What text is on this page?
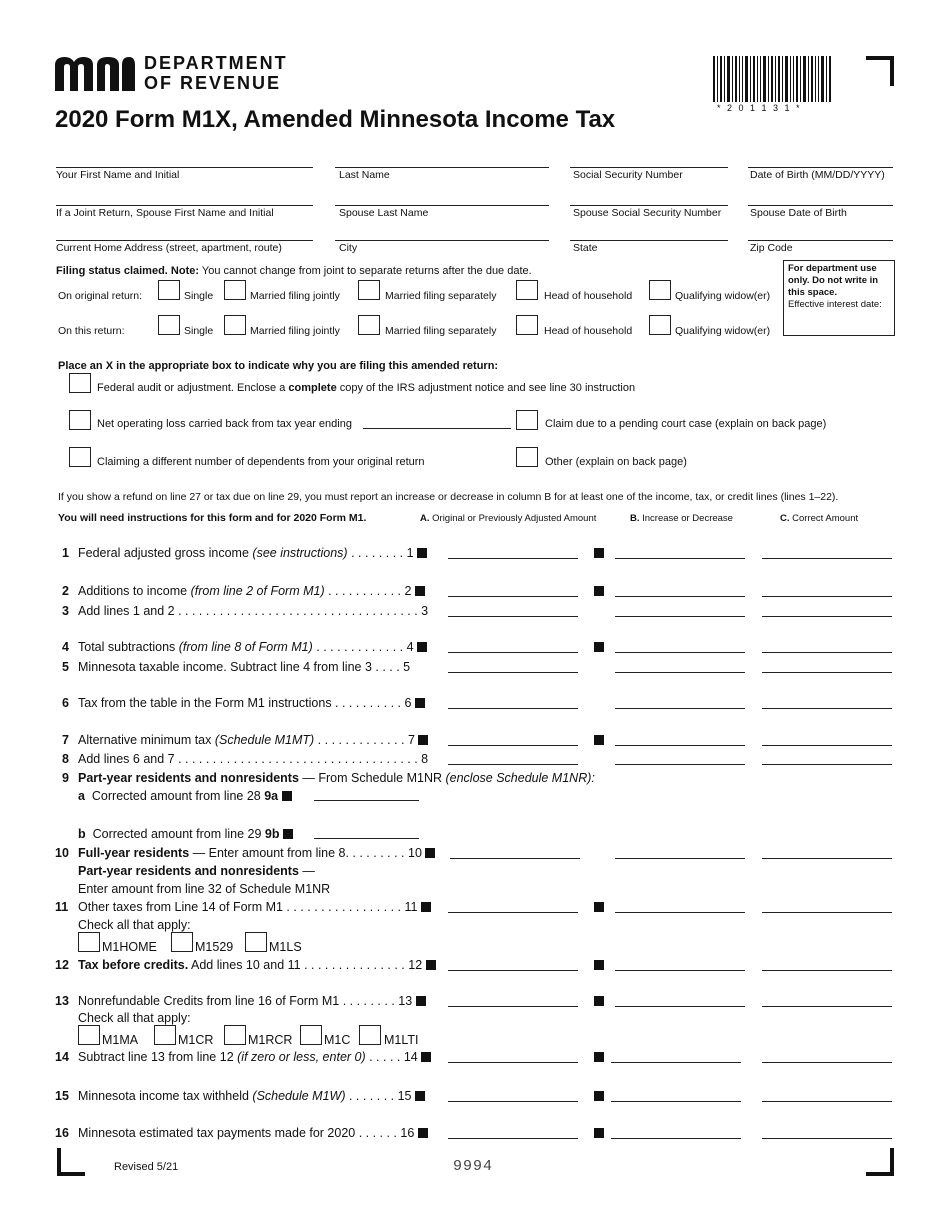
DEPARTMENT
OF REVENUE
* 2 0 1 1 3 1 *
2020 Form M1X, Amended Minnesota Income Tax
Your First Name and Initial	Last Name	Social Security Number	Date of Birth (MM/DD/YYYY)
If a Joint Return, Spouse First Name and Initial	Spouse Last Name	Spouse Social Security Number	Spouse Date of Birth
Current Home Address (street, apartment, route)	City	State	Zip Code
Filing status claimed. Note: You cannot change from joint to separate returns after the due date.
On original return:	Single	Married filing jointly	Married filing separately	Head of household	Qualifying widow(er)
On this return:	Single	Married filing jointly	Married filing separately	Head of household	Qualifying widow(er)
For department use only. Do not write in this space.
Effective interest date:
Place an X in the appropriate box to indicate why you are filing this amended return:
Federal audit or adjustment. Enclose a complete copy of the IRS adjustment notice and see line 30 instruction
Net operating loss carried back from tax year ending	Claim due to a pending court case (explain on back page)
Claiming a different number of dependents from your original return	Other (explain on back page)
If you show a refund on line 27 or tax due on line 29, you must report an increase or decrease in column B for at least one of the income, tax, or credit lines (lines 1–22).
You will need instructions for this form and for 2020 Form M1.	A. Original or Previously Adjusted Amount	B. Increase or Decrease	C. Correct Amount
1 Federal adjusted gross income (see instructions) . . . . . . . . 1
2 Additions to income (from line 2 of Form M1) . . . . . . . . . . . 2
3 Add lines 1 and 2 . . . . . . . . . . . . . . . . . . . . . . . . . . . . . . . . . . . 3
4 Total subtractions (from line 8 of Form M1) . . . . . . . . . . . . . 4
5 Minnesota taxable income. Subtract line 4 from line 3 . . . . 5
6 Tax from the table in the Form M1 instructions . . . . . . . . . . 6
7 Alternative minimum tax (Schedule M1MT) . . . . . . . . . . . . . 7
8 Add lines 6 and 7 . . . . . . . . . . . . . . . . . . . . . . . . . . . . . . . . . . . 8
9 Part-year residents and nonresidents — From Schedule M1NR (enclose Schedule M1NR):
a Corrected amount from line 28 9a
b Corrected amount from line 29 9b
10 Full-year residents — Enter amount from line 8. . . . . . . . . 10
Part-year residents and nonresidents —
Enter amount from line 32 of Schedule M1NR
11 Other taxes from Line 14 of Form M1 . . . . . . . . . . . . . . . . . 11
Check all that apply:
M1HOME	M1529	M1LS
12 Tax before credits. Add lines 10 and 11 . . . . . . . . . . . . . . . 12
13 Nonrefundable Credits from line 16 of Form M1 . . . . . . . . 13
Check all that apply:
M1MA	M1CR	M1RCR	M1C	M1LTI
14 Subtract line 13 from line 12 (if zero or less, enter 0) . . . . . 14
15 Minnesota income tax withheld (Schedule M1W) . . . . . . . 15
16 Minnesota estimated tax payments made for 2020 . . . . . . 16
Revised 5/21	9994
